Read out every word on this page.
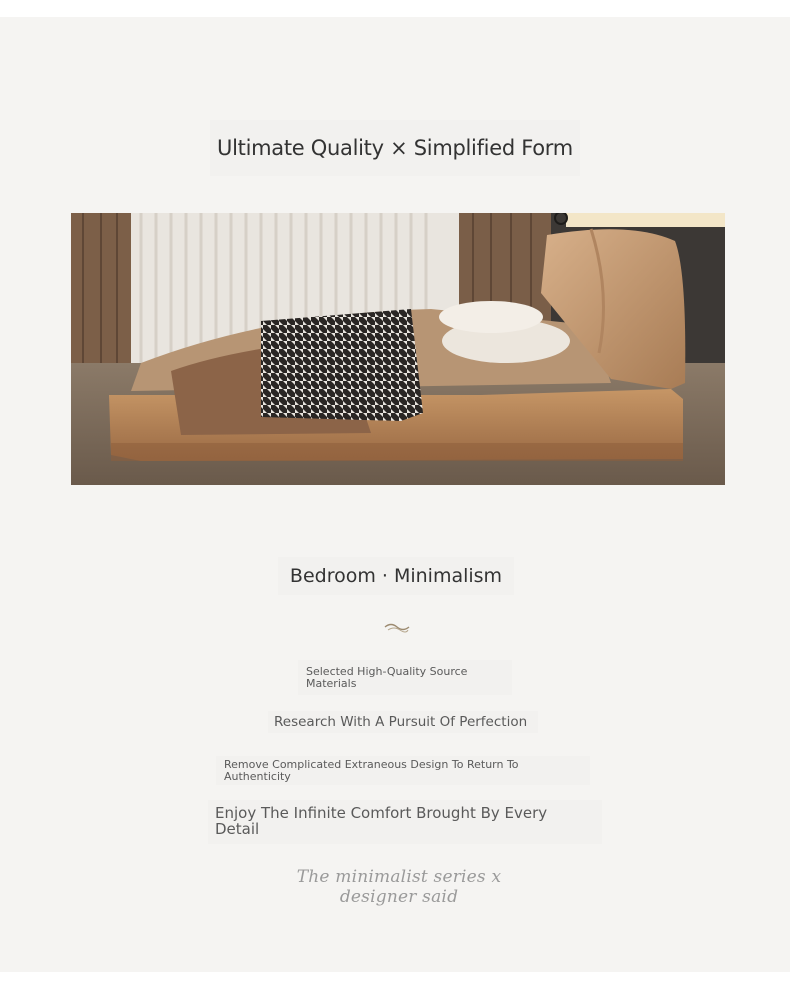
Ultimate Quality × Simplified Form
Bedroom · Minimalism
Selected High-Quality Source Materials
Research With A Pursuit Of Perfection
Remove Complicated Extraneous Design To Return To Authenticity
Enjoy The Infinite Comfort Brought By Every Detail
The minimalist series x designer said
